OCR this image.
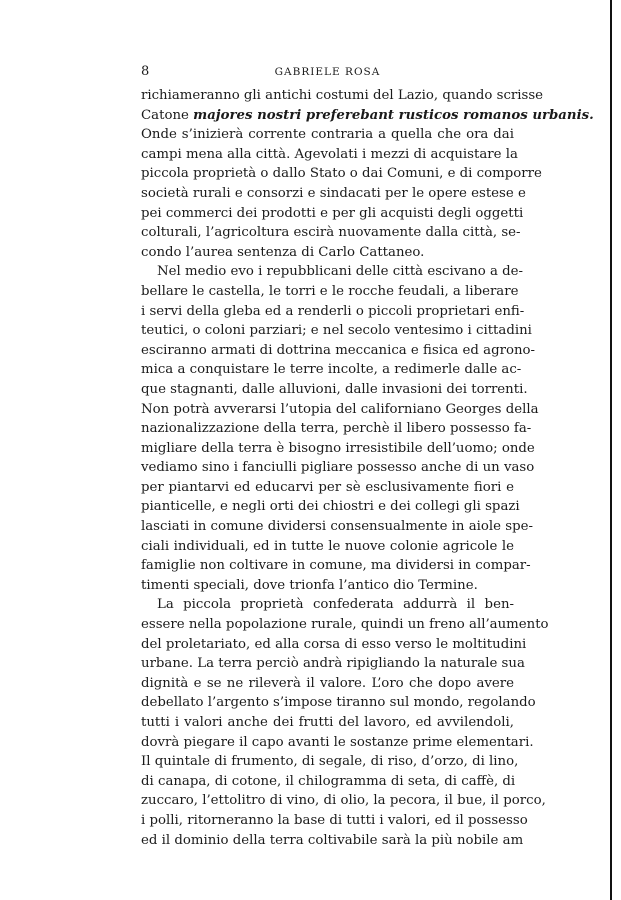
8	GABRIELE ROSA
richiameranno gli antichi costumi del Lazio, quando scrisse
Catone majores nostri preferebant rusticos romanos urbanis.
Onde s’inizierà corrente contraria a quella che ora dai
campi mena alla città. Agevolati i mezzi di acquistare la
piccola proprietà o dallo Stato o dai Comuni, e di comporre
società rurali e consorzi e sindacati per le opere estese e
pei commerci dei prodotti e per gli acquisti degli oggetti
colturali, l’agricoltura escirà nuovamente dalla città, se-
condo l’aurea sentenza di Carlo Cattaneo.
Nel medio evo i repubblicani delle città escivano a de-
bellare le castella, le torri e le rocche feudali, a liberare
i servi della gleba ed a renderli o piccoli proprietari enfi-
teutici, o coloni parziari; e nel secolo ventesimo i cittadini
esciranno armati di dottrina meccanica e fisica ed agrono-
mica a conquistare le terre incolte, a redimerle dalle ac-
que stagnanti, dalle alluvioni, dalle invasioni dei torrenti.
Non potrà avverarsi l’utopia del californiano Georges della
nazionalizzazione della terra, perchè il libero possesso fa-
migliare della terra è bisogno irresistibile dell’uomo; onde
vediamo sino i fanciulli pigliare possesso anche di un vaso
per piantarvi ed educarvi per sè esclusivamente fiori e
pianticelle, e negli orti dei chiostri e dei collegi gli spazi
lasciati in comune dividersi consensualmente in aiole spe-
ciali individuali, ed in tutte le nuove colonie agricole le
famiglie non coltivare in comune, ma dividersi in compar-
timenti speciali, dove trionfa l’antico dio Termine.
La piccola proprietà confederata addurrà il ben-
essere nella popolazione rurale, quindi un freno all’aumento
del proletariato, ed alla corsa di esso verso le moltitudini
urbane. La terra perciò andrà ripigliando la naturale sua
dignità e se ne rileverà il valore. L’oro che dopo avere
debellato l’argento s’impose tiranno sul mondo, regolando
tutti i valori anche dei frutti del lavoro, ed avvilendoli,
dovrà piegare il capo avanti le sostanze prime elementari.
Il quintale di frumento, di segale, di riso, d’orzo, di lino,
di canapa, di cotone, il chilogramma di seta, di caffè, di
zuccaro, l’ettolitro di vino, di olio, la pecora, il bue, il porco,
i polli, ritorneranno la base di tutti i valori, ed il possesso
ed il dominio della terra coltivabile sarà la più nobile am
